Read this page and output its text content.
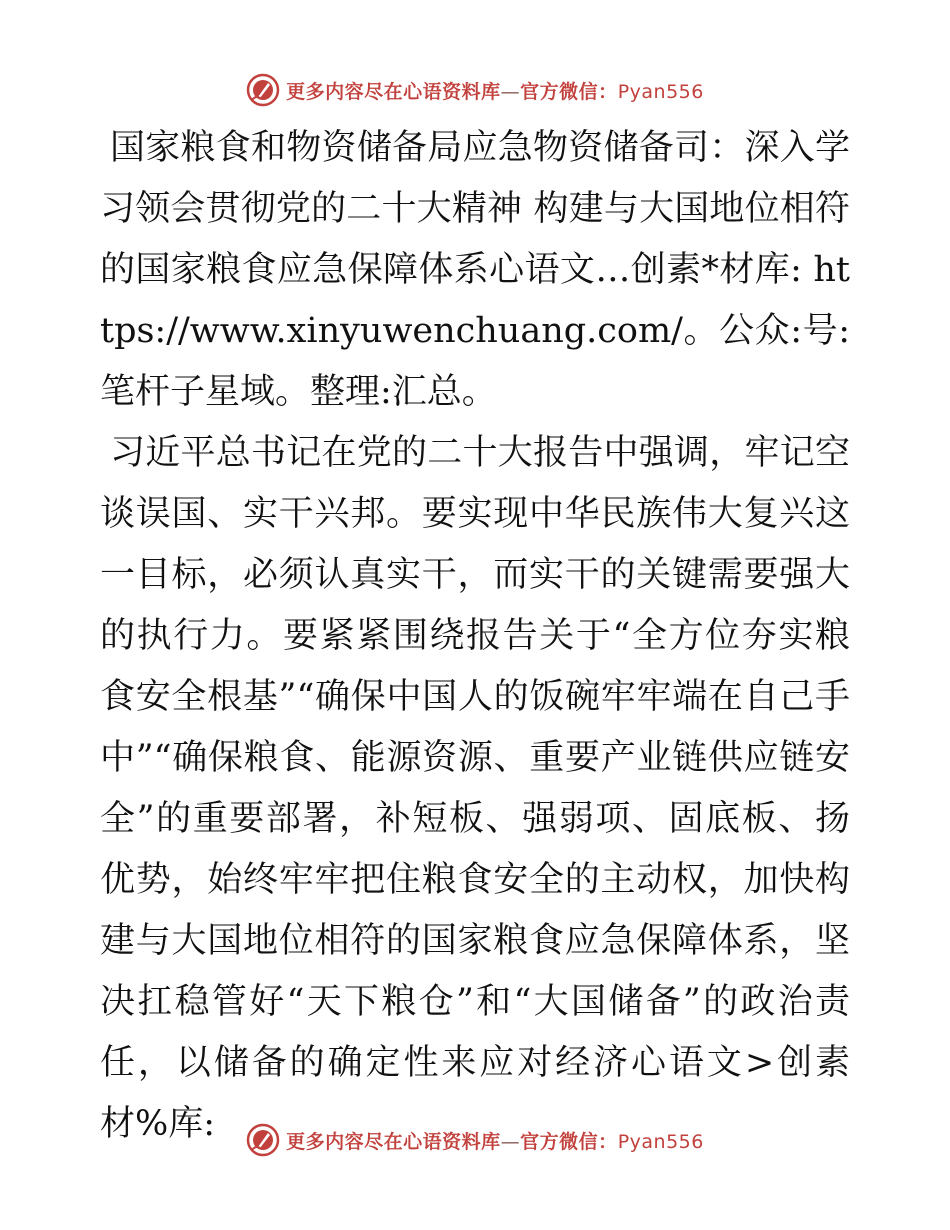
更多内容尽在心语资料库—官方微信：Pyan556

国家粮食和物资储备局应急物资储备司：深入学习领会贯彻党的二十大精神 构建与大国地位相符的国家粮食应急保障体系心语文…创素*材库: https://www.xinyuwenchuang.com/。公众:号: 笔杆子星域。整理:汇总。

习近平总书记在党的二十大报告中强调，牢记空谈误国、实干兴邦。要实现中华民族伟大复兴这一目标，必须认真实干，而实干的关键需要强大的执行力。要紧紧围绕报告关于“全方位夯实粮食安全根基”“确保中国人的饭碗牢牢端在自己手中”“确保粮食、能源资源、重要产业链供应链安全”的重要部署，补短板、强弱项、固底板、扬优势，始终牢牢把住粮食安全的主动权，加快构建与大国地位相符的国家粮食应急保障体系，坚决扛稳管好“天下粮仓”和“大国储备”的政治责任，以储备的确定性来应对经济心语文>创素材%库:	更多内容尽在心语资料库—官方微信：Pyan556
